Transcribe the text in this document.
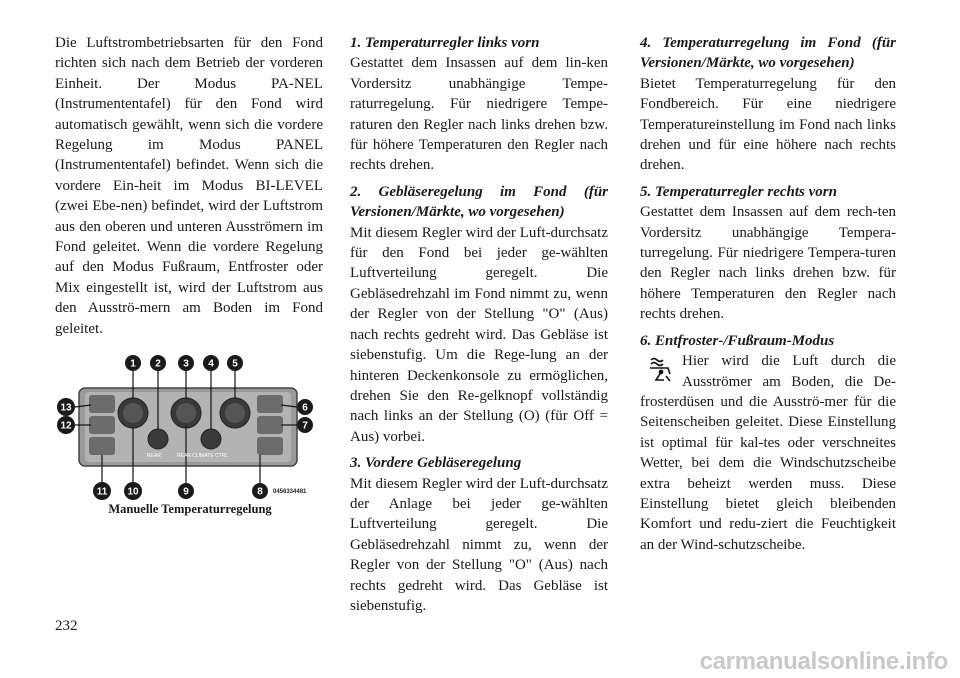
Die Luftstrombetriebsarten für den Fond richten sich nach dem Betrieb der vorderen Einheit. Der Modus PA-NEL (Instrumententafel) für den Fond wird automatisch gewählt, wenn sich die vordere Regelung im Modus PANEL (Instrumententafel) befindet. Wenn sich die vordere Ein-heit im Modus BI-LEVEL (zwei Ebe-nen) befindet, wird der Luftstrom aus den oberen und unteren Ausströmern im Fond geleitet. Wenn die vordere Regelung auf den Modus Fußraum, Entfroster oder Mix eingestellt ist, wird der Luftstrom aus den Ausströ-mern am Boden im Fond geleitet.

1 2 3 4 5
13
12
6
7
11 10	9	8
REAR	REAR CLIMATE CTRL
0456334481
Manuelle Temperaturregelung

1. Temperaturregler links vorn

Gestattet dem Insassen auf dem lin-ken Vordersitz unabhängige Tempe-raturregelung. Für niedrigere Tempe-raturen den Regler nach links drehen bzw. für höhere Temperaturen den Regler nach rechts drehen.

2. Gebläseregelung im Fond (für Versionen/Märkte, wo vorgesehen)

Mit diesem Regler wird der Luft-durchsatz für den Fond bei jeder ge-wählten Luftverteilung geregelt. Die Gebläsedrehzahl im Fond nimmt zu, wenn der Regler von der Stellung "O" (Aus) nach rechts gedreht wird. Das Gebläse ist siebenstufig. Um die Rege-lung an der hinteren Deckenkonsole zu ermöglichen, drehen Sie den Re-gelknopf vollständig nach links an der Stellung (O) (für Off = Aus) vorbei.

3. Vordere Gebläseregelung

Mit diesem Regler wird der Luft-durchsatz der Anlage bei jeder ge-wählten Luftverteilung geregelt. Die Gebläsedrehzahl nimmt zu, wenn der Regler von der Stellung "O" (Aus) nach rechts gedreht wird. Das Gebläse ist siebenstufig.

4. Temperaturregelung im Fond (für Versionen/Märkte, wo vorgesehen)

Bietet Temperaturregelung für den Fondbereich. Für eine niedrigere Temperatureinstellung im Fond nach links drehen und für eine höhere nach rechts drehen.

5. Temperaturregler rechts vorn

Gestattet dem Insassen auf dem rech-ten Vordersitz unabhängige Tempera-turregelung. Für niedrigere Tempera-turen den Regler nach links drehen bzw. für höhere Temperaturen den Regler nach rechts drehen.

6. Entfroster-/Fußraum-Modus

Hier wird die Luft durch die Ausströmer am Boden, die De-frosterdüsen und die Ausströ-mer für die Seitenscheiben geleitet. Diese Einstellung ist optimal für kal-tes oder verschneites Wetter, bei dem die Windschutzscheibe extra beheizt werden muss. Diese Einstellung bietet gleich bleibenden Komfort und redu-ziert die Feuchtigkeit an der Wind-schutzscheibe.

232
carmanualsonline.info
